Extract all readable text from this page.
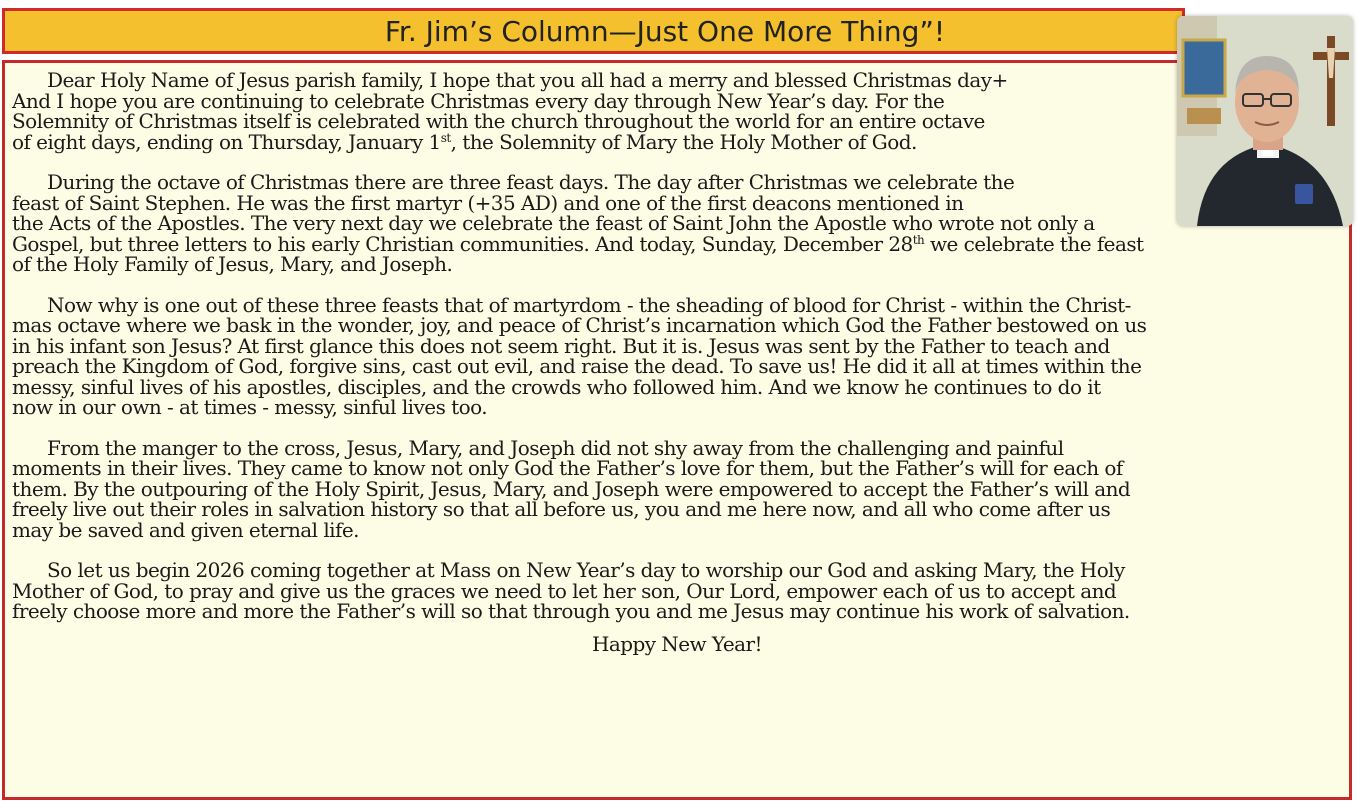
Fr. Jim’s Column—Just One More Thing”!

Dear Holy Name of Jesus parish family, I hope that you all had a merry and blessed Christmas day+
And I hope you are continuing to celebrate Christmas every day through New Year’s day. For the
Solemnity of Christmas itself is celebrated with the church throughout the world for an entire octave
of eight days, ending on Thursday, January 1st, the Solemnity of Mary the Holy Mother of God.

During the octave of Christmas there are three feast days. The day after Christmas we celebrate the
feast of Saint Stephen. He was the first martyr (+35 AD) and one of the first deacons mentioned in
the Acts of the Apostles. The very next day we celebrate the feast of Saint John the Apostle who wrote not only a
Gospel, but three letters to his early Christian communities. And today, Sunday, December 28th we celebrate the feast
of the Holy Family of Jesus, Mary, and Joseph.

Now why is one out of these three feasts that of martyrdom - the sheading of blood for Christ - within the Christ-
mas octave where we bask in the wonder, joy, and peace of Christ’s incarnation which God the Father bestowed on us
in his infant son Jesus? At first glance this does not seem right. But it is. Jesus was sent by the Father to teach and
preach the Kingdom of God, forgive sins, cast out evil, and raise the dead. To save us! He did it all at times within the
messy, sinful lives of his apostles, disciples, and the crowds who followed him. And we know he continues to do it
now in our own - at times - messy, sinful lives too.

From the manger to the cross, Jesus, Mary, and Joseph did not shy away from the challenging and painful
moments in their lives. They came to know not only God the Father’s love for them, but the Father’s will for each of
them. By the outpouring of the Holy Spirit, Jesus, Mary, and Joseph were empowered to accept the Father’s will and
freely live out their roles in salvation history so that all before us, you and me here now, and all who come after us
may be saved and given eternal life.

So let us begin 2026 coming together at Mass on New Year’s day to worship our God and asking Mary, the Holy
Mother of God, to pray and give us the graces we need to let her son, Our Lord, empower each of us to accept and
freely choose more and more the Father’s will so that through you and me Jesus may continue his work of salvation.

Happy New Year!
